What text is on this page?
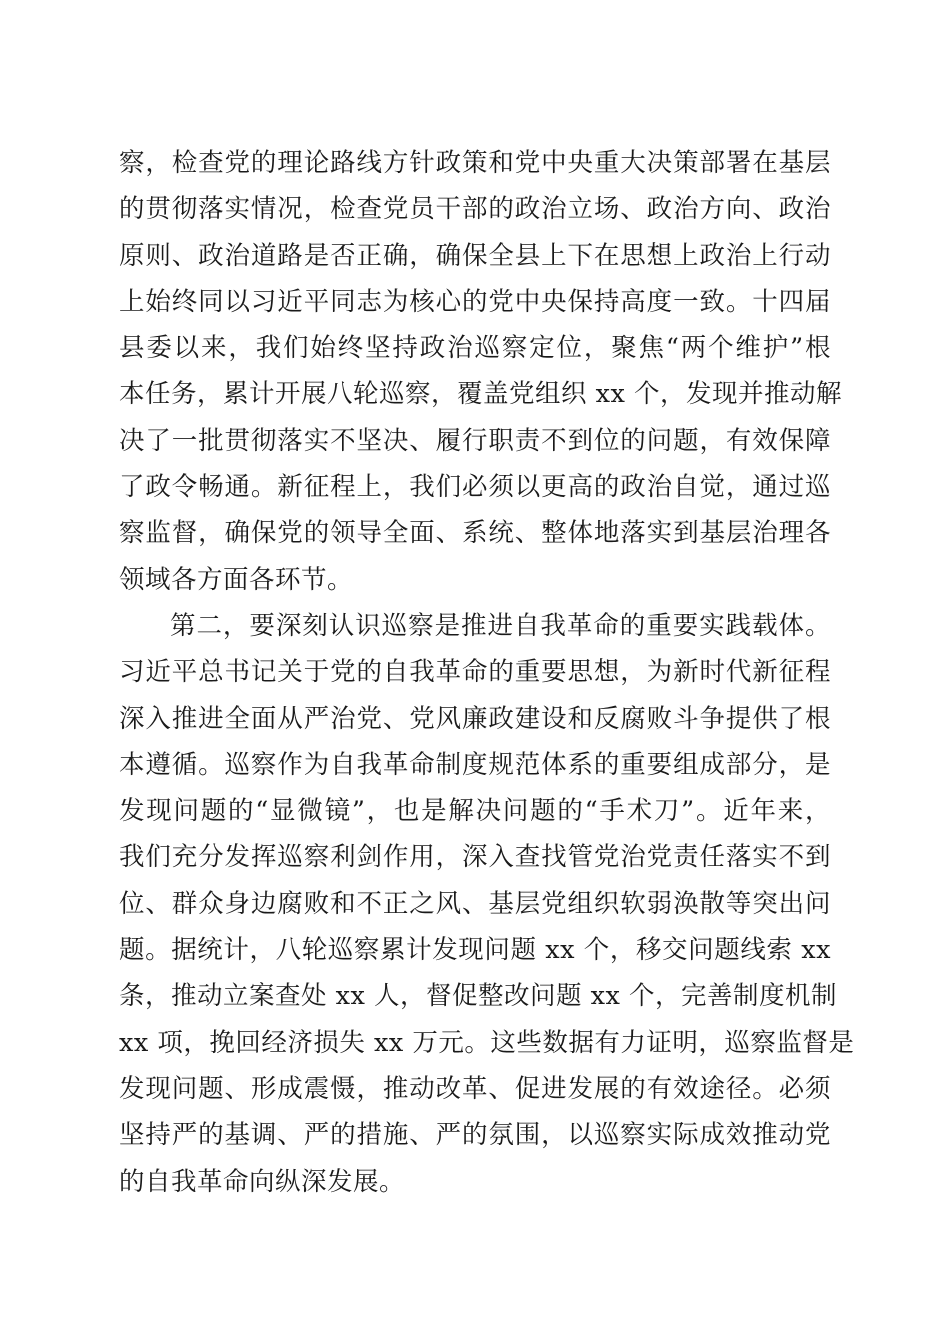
察，检查党的理论路线方针政策和党中央重大决策部署在基层
的贯彻落实情况，检查党员干部的政治立场、政治方向、政治
原则、政治道路是否正确，确保全县上下在思想上政治上行动
上始终同以习近平同志为核心的党中央保持高度一致。十四届
县委以来，我们始终坚持政治巡察定位，聚焦“两个维护”根
本任务，累计开展八轮巡察，覆盖党组织 xx 个，发现并推动解
决了一批贯彻落实不坚决、履行职责不到位的问题，有效保障
了政令畅通。新征程上，我们必须以更高的政治自觉，通过巡
察监督，确保党的领导全面、系统、整体地落实到基层治理各
领域各方面各环节。
第二，要深刻认识巡察是推进自我革命的重要实践载体。
习近平总书记关于党的自我革命的重要思想，为新时代新征程
深入推进全面从严治党、党风廉政建设和反腐败斗争提供了根
本遵循。巡察作为自我革命制度规范体系的重要组成部分，是
发现问题的“显微镜”，也是解决问题的“手术刀”。近年来，
我们充分发挥巡察利剑作用，深入查找管党治党责任落实不到
位、群众身边腐败和不正之风、基层党组织软弱涣散等突出问
题。据统计，八轮巡察累计发现问题 xx 个，移交问题线索 xx
条，推动立案查处 xx 人，督促整改问题 xx 个，完善制度机制
xx 项，挽回经济损失 xx 万元。这些数据有力证明，巡察监督是
发现问题、形成震慑，推动改革、促进发展的有效途径。必须
坚持严的基调、严的措施、严的氛围，以巡察实际成效推动党
的自我革命向纵深发展。
